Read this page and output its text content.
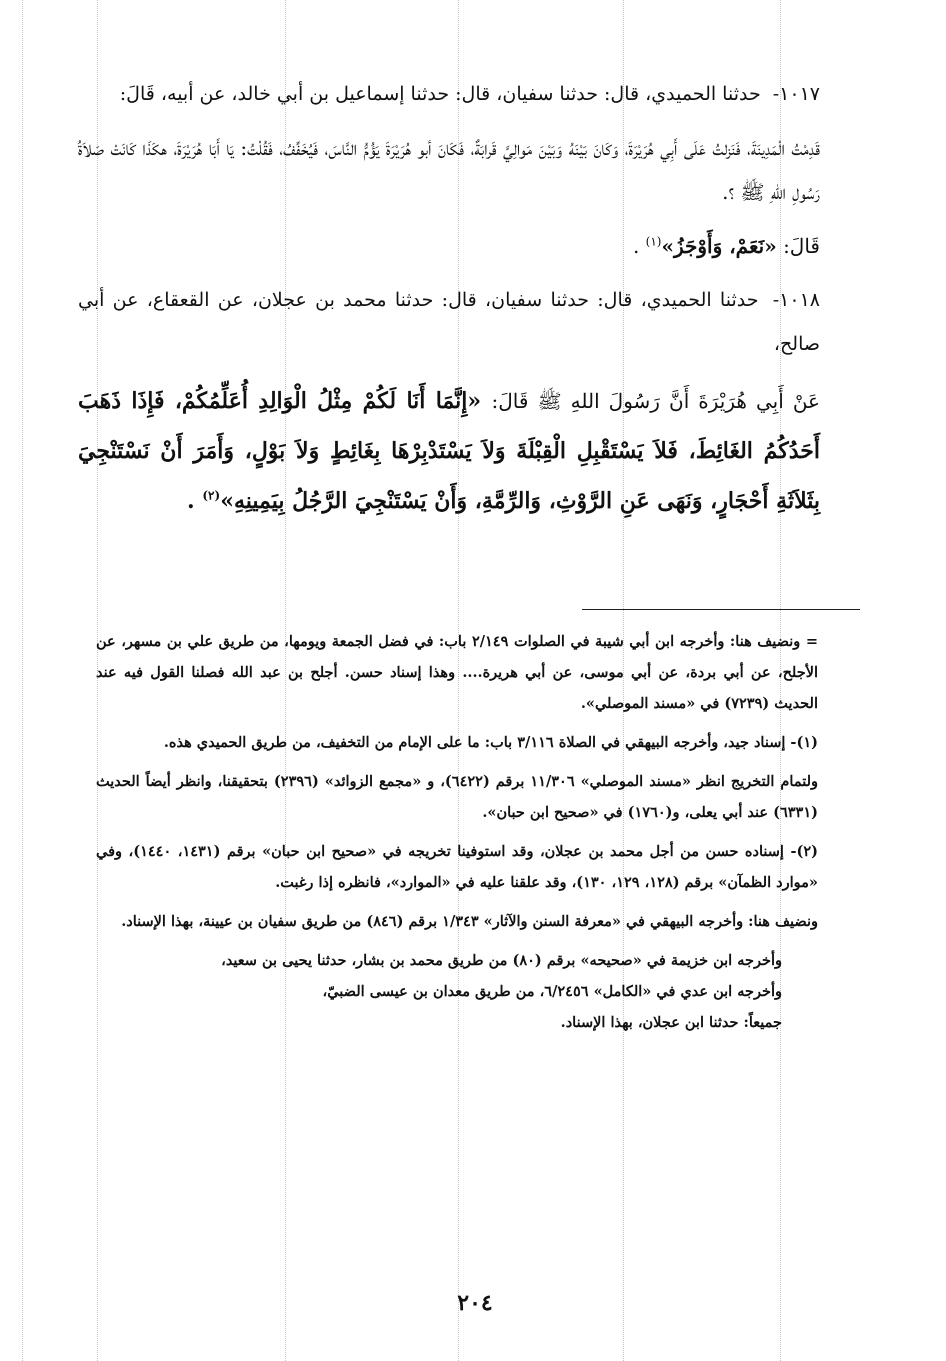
١٠١٧- حدثنا الحميدي، قال: حدثنا سفيان، قال: حدثنا إسماعيل بن أبي خالد، عن أبيه، قَالَ:

قَدِمْتُ الْمَدِينَةَ، فَنَزلتُ عَلَى أَبِي هُرَيْرَةَ، وَكَانَ بَيْنَهُ وَبَيْنَ مَوالِيَّ قَرابَةٌ، فَكَانَ أبو هُرَيْرَةَ يَؤُمُّ النَّاسَ، فَيُخَفِّفُ، فَقُلْتُ: يَا أَبَا هُرَيْرَةَ، هكَذَا كَانَتْ صَلاَةُ رَسُولِ اللهِ ﷺ ؟.

قَالَ: «نَعَمْ، وَأَوْجَزُ»$^{(١)}$ .

١٠١٨- حدثنا الحميدي، قال: حدثنا سفيان، قال: حدثنا محمد بن عجلان، عن القعقاع، عن أبي صالح،

عَنْ أَبِي هُرَيْرَةَ أَنَّ رَسُولَ اللهِ ﷺ قَالَ: «إِنَّمَا أَنَا لَكُمْ مِثْلُ الْوَالِدِ أُعَلِّمُكُمْ، فَإِذَا ذَهَبَ أَحَدُكُمُ الغَائِطَ، فَلاَ يَسْتَقْبِلِ الْقِبْلَةَ وَلاَ يَسْتَدْبِرْهَا بِغَائِطٍ وَلاَ بَوْلٍ، وَأَمَرَ أَنْ نَسْتَنْجِيَ بِثَلاَثَةِ أَحْجَارٍ، وَنَهَى عَنِ الرَّوْثِ، وَالرِّمَّةِ، وَأَنْ يَسْتَنْجِيَ الرَّجُلُ بِيَمِينِهِ»$^{(٢)}$ .

= ونضيف هنا: وأخرجه ابن أبي شيبة في الصلوات ٢/١٤٩ باب: في فضل الجمعة ويومها، من طريق علي بن مسهر، عن الأجلح، عن أبي بردة، عن أبي موسى، عن أبي هريرة.... وهذا إسناد حسن. أجلح بن عبد الله فصلنا القول فيه عند الحديث (٧٢٣٩) في «مسند الموصلي».

(١)- إسناد جيد، وأخرجه البيهقي في الصلاة ٣/١١٦ باب: ما على الإمام من التخفيف، من طريق الحميدي هذه.

ولتمام التخريج انظر «مسند الموصلي» ١١/٣٠٦ برقم (٦٤٢٢)، و «مجمع الزوائد» (٢٣٩٦) بتحقيقنا، وانظر أيضاً الحديث (٦٣٣١) عند أبي يعلى، و(١٧٦٠) في «صحيح ابن حبان».

(٢)- إسناده حسن من أجل محمد بن عجلان، وقد استوفينا تخريجه في «صحيح ابن حبان» برقم (١٤٣١، ١٤٤٠)، وفي «موارد الظمآن» برقم (١٢٨، ١٢٩، ١٣٠)، وقد علقنا عليه في «الموارد»، فانظره إذا رغبت.

ونضيف هنا: وأخرجه البيهقي في «معرفة السنن والآثار» ١/٣٤٣ برقم (٨٤٦) من طريق سفيان بن عيينة، بهذا الإسناد.

وأخرجه ابن خزيمة في «صحيحه» برقم (٨٠) من طريق محمد بن بشار، حدثنا يحيى بن سعيد،

وأخرجه ابن عدي في «الكامل» ٦/٢٤٥٦، من طريق معدان بن عيسى الضبيّ،

جميعاً: حدثنا ابن عجلان، بهذا الإسناد.

٢٠٤
